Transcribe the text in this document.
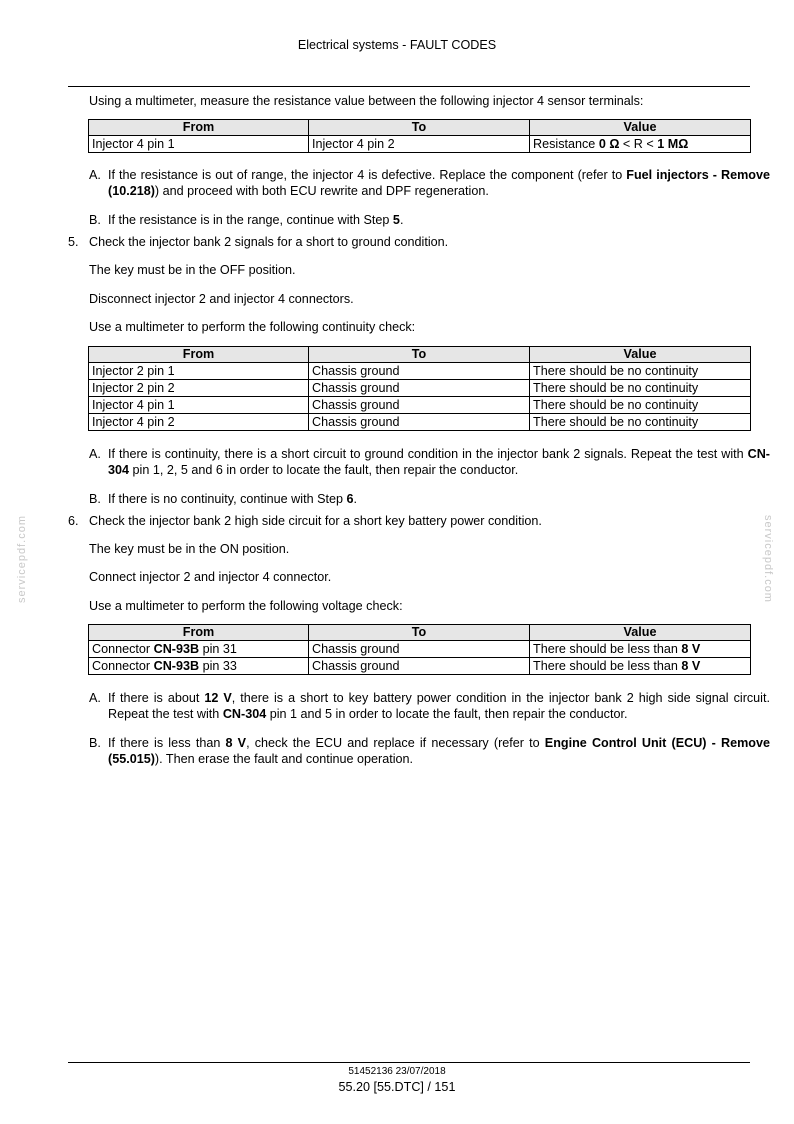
Electrical systems - FAULT CODES
Using a multimeter, measure the resistance value between the following injector 4 sensor terminals:
From	To	Value
Injector 4 pin 1	Injector 4 pin 2	Resistance 0 Ω < R < 1 MΩ
A. If the resistance is out of range, the injector 4 is defective. Replace the component (refer to Fuel injectors - Remove (10.218)) and proceed with both ECU rewrite and DPF regeneration.
B. If the resistance is in the range, continue with Step 5.
5. Check the injector bank 2 signals for a short to ground condition.
The key must be in the OFF position.
Disconnect injector 2 and injector 4 connectors.
Use a multimeter to perform the following continuity check:
From	To	Value
Injector 2 pin 1	Chassis ground	There should be no continuity
Injector 2 pin 2	Chassis ground	There should be no continuity
Injector 4 pin 1	Chassis ground	There should be no continuity
Injector 4 pin 2	Chassis ground	There should be no continuity
A. If there is continuity, there is a short circuit to ground condition in the injector bank 2 signals. Repeat the test with CN-304 pin 1, 2, 5 and 6 in order to locate the fault, then repair the conductor.
B. If there is no continuity, continue with Step 6.
6. Check the injector bank 2 high side circuit for a short key battery power condition.
The key must be in the ON position.
Connect injector 2 and injector 4 connector.
Use a multimeter to perform the following voltage check:
From	To	Value
Connector CN-93B pin 31	Chassis ground	There should be less than 8 V
Connector CN-93B pin 33	Chassis ground	There should be less than 8 V
A. If there is about 12 V, there is a short to key battery power condition in the injector bank 2 high side signal circuit. Repeat the test with CN-304 pin 1 and 5 in order to locate the fault, then repair the conductor.
B. If there is less than 8 V, check the ECU and replace if necessary (refer to Engine Control Unit (ECU) - Remove (55.015)). Then erase the fault and continue operation.
servicepdf.com	servicepdf.com
51452136 23/07/2018
55.20 [55.DTC] / 151
